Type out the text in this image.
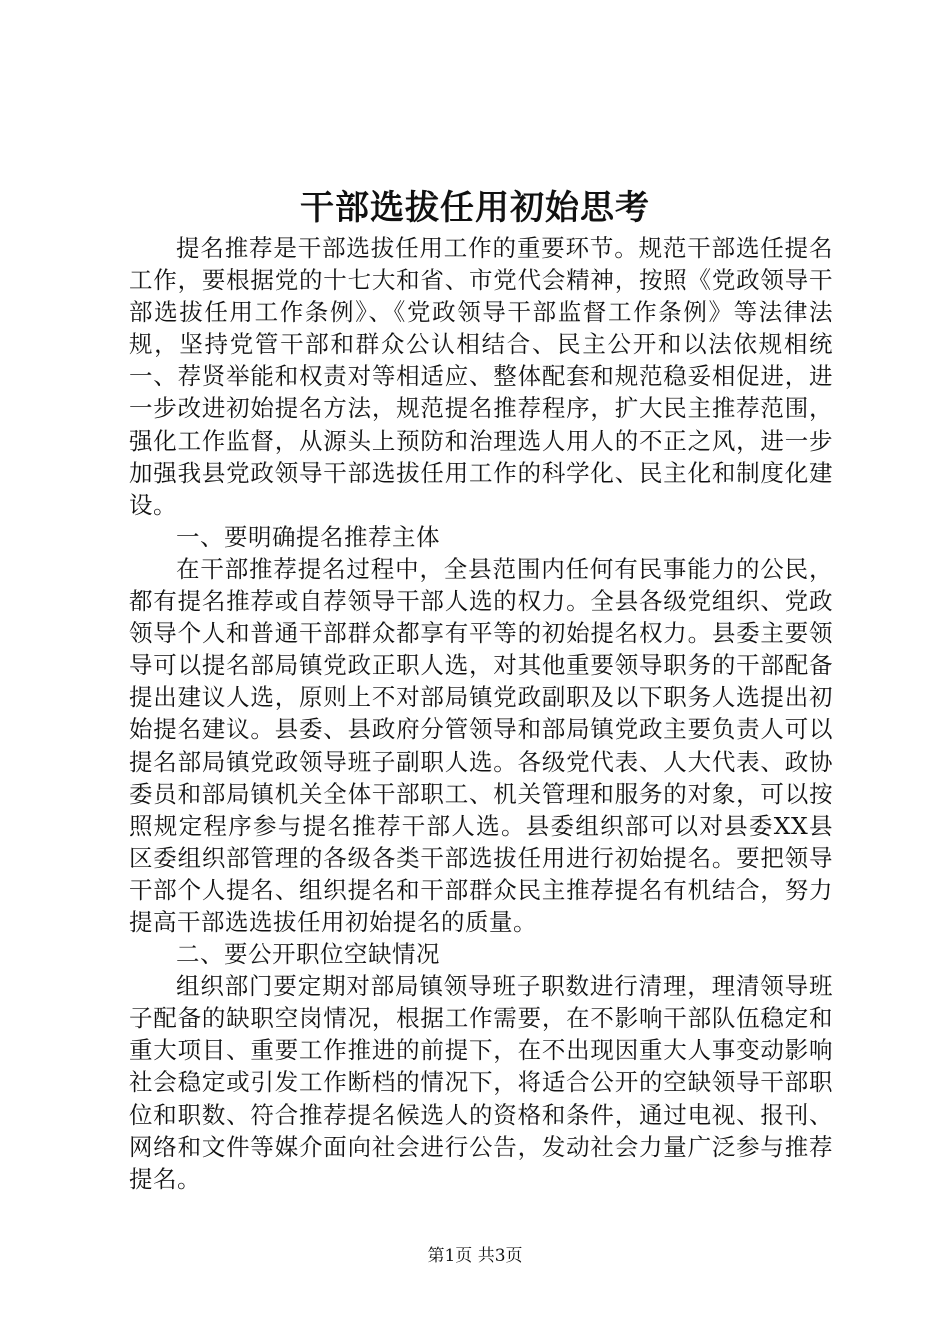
干部选拔任用初始思考

提名推荐是干部选拔任用工作的重要环节。规范干部选任提名工作，要根据党的十七大和省、市党代会精神，按照《党政领导干部选拔任用工作条例》、《党政领导干部监督工作条例》等法律法规，坚持党管干部和群众公认相结合、民主公开和以法依规相统一、荐贤举能和权责对等相适应、整体配套和规范稳妥相促进，进一步改进初始提名方法，规范提名推荐程序，扩大民主推荐范围，强化工作监督，从源头上预防和治理选人用人的不正之风，进一步加强我县党政领导干部选拔任用工作的科学化、民主化和制度化建设。

一、要明确提名推荐主体

在干部推荐提名过程中，全县范围内任何有民事能力的公民，都有提名推荐或自荐领导干部人选的权力。全县各级党组织、党政领导个人和普通干部群众都享有平等的初始提名权力。县委主要领导可以提名部局镇党政正职人选，对其他重要领导职务的干部配备提出建议人选，原则上不对部局镇党政副职及以下职务人选提出初始提名建议。县委、县政府分管领导和部局镇党政主要负责人可以提名部局镇党政领导班子副职人选。各级党代表、人大代表、政协委员和部局镇机关全体干部职工、机关管理和服务的对象，可以按照规定程序参与提名推荐干部人选。县委组织部可以对县委XX县区委组织部管理的各级各类干部选拔任用进行初始提名。要把领导干部个人提名、组织提名和干部群众民主推荐提名有机结合，努力提高干部选选拔任用初始提名的质量。

二、要公开职位空缺情况

组织部门要定期对部局镇领导班子职数进行清理，理清领导班子配备的缺职空岗情况，根据工作需要，在不影响干部队伍稳定和重大项目、重要工作推进的前提下，在不出现因重大人事变动影响社会稳定或引发工作断档的情况下，将适合公开的空缺领导干部职位和职数、符合推荐提名候选人的资格和条件，通过电视、报刊、网络和文件等媒介面向社会进行公告，发动社会力量广泛参与推荐提名。

第1页 共3页
